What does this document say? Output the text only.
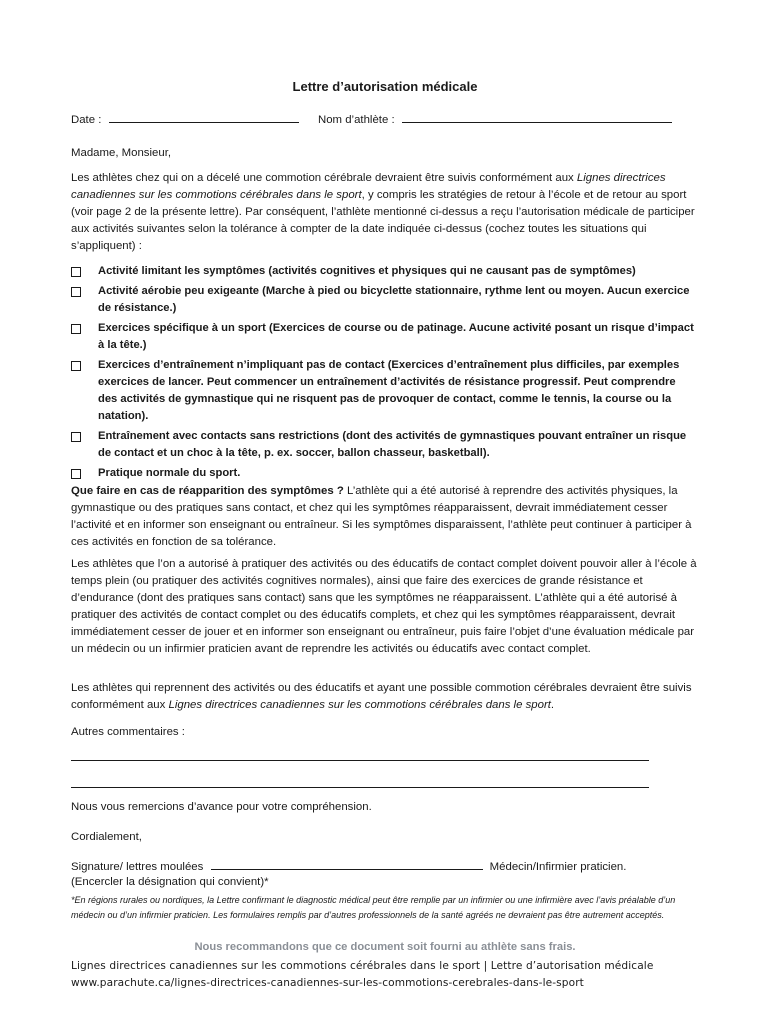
Lettre d’autorisation médicale
Date :	Nom d’athlète :
Madame, Monsieur,
Les athlètes chez qui on a décelé une commotion cérébrale devraient être suivis conformément aux Lignes directrices canadiennes sur les commotions cérébrales dans le sport, y compris les stratégies de retour à l’école et de retour au sport (voir page 2 de la présente lettre). Par conséquent, l’athlète mentionné ci-dessus a reçu l’autorisation médicale de participer aux activités suivantes selon la tolérance à compter de la date indiquée ci-dessus (cochez toutes les situations qui s’appliquent) :
Activité limitant les symptômes (activités cognitives et physiques qui ne causant pas de symptômes)
Activité aérobie peu exigeante (Marche à pied ou bicyclette stationnaire, rythme lent ou moyen. Aucun exercice de résistance.)
Exercices spécifique à un sport (Exercices de course ou de patinage. Aucune activité posant un risque d’impact à la tête.)
Exercices d’entraînement n’impliquant pas de contact (Exercices d’entraînement plus difficiles, par exemples exercices de lancer. Peut commencer un entraînement d’activités de résistance progressif. Peut comprendre des activités de gymnastique qui ne risquent pas de provoquer de contact, comme le tennis, la course ou la natation).
Entraînement avec contacts sans restrictions (dont des activités de gymnastiques pouvant entraîner un risque de contact et un choc à la tête, p. ex. soccer, ballon chasseur, basketball).
Pratique normale du sport.
Que faire en cas de réapparition des symptômes ? L’athlète qui a été autorisé à reprendre des activités physiques, la gymnastique ou des pratiques sans contact, et chez qui les symptômes réapparaissent, devrait immédiatement cesser l’activité et en informer son enseignant ou entraîneur. Si les symptômes disparaissent, l’athlète peut continuer à participer à ces activités en fonction de sa tolérance.
Les athlètes que l’on a autorisé à pratiquer des activités ou des éducatifs de contact complet doivent pouvoir aller à l’école à temps plein (ou pratiquer des activités cognitives normales), ainsi que faire des exercices de grande résistance et d’endurance (dont des pratiques sans contact) sans que les symptômes ne réapparaissent. L’athlète qui a été autorisé à pratiquer des activités de contact complet ou des éducatifs complets, et chez qui les symptômes réapparaissent, devrait immédiatement cesser de jouer et en informer son enseignant ou entraîneur, puis faire l’objet d’une évaluation médicale par un médecin ou un infirmier praticien avant de reprendre les activités ou éducatifs avec contact complet.
Les athlètes qui reprennent des activités ou des éducatifs et ayant une possible commotion cérébrales devraient être suivis conformément aux Lignes directrices canadiennes sur les commotions cérébrales dans le sport.
Autres commentaires :
Nous vous remercions d’avance pour votre compréhension.
Cordialement,
Signature/ lettres moulées	Médecin/Infirmier praticien.
(Encercler la désignation qui convient)*
*En régions rurales ou nordiques, la Lettre confirmant le diagnostic médical peut être remplie par un infirmier ou une infirmière avec l’avis préalable d’un médecin ou d’un infirmier praticien. Les formulaires remplis par d’autres professionnels de la santé agréés ne devraient pas être autrement acceptés.
Nous recommandons que ce document soit fourni au athlète sans frais.
Lignes directrices canadiennes sur les commotions cérébrales dans le sport | Lettre d’autorisation médicale
www.parachute.ca/lignes-directrices-canadiennes-sur-les-commotions-cerebrales-dans-le-sport
